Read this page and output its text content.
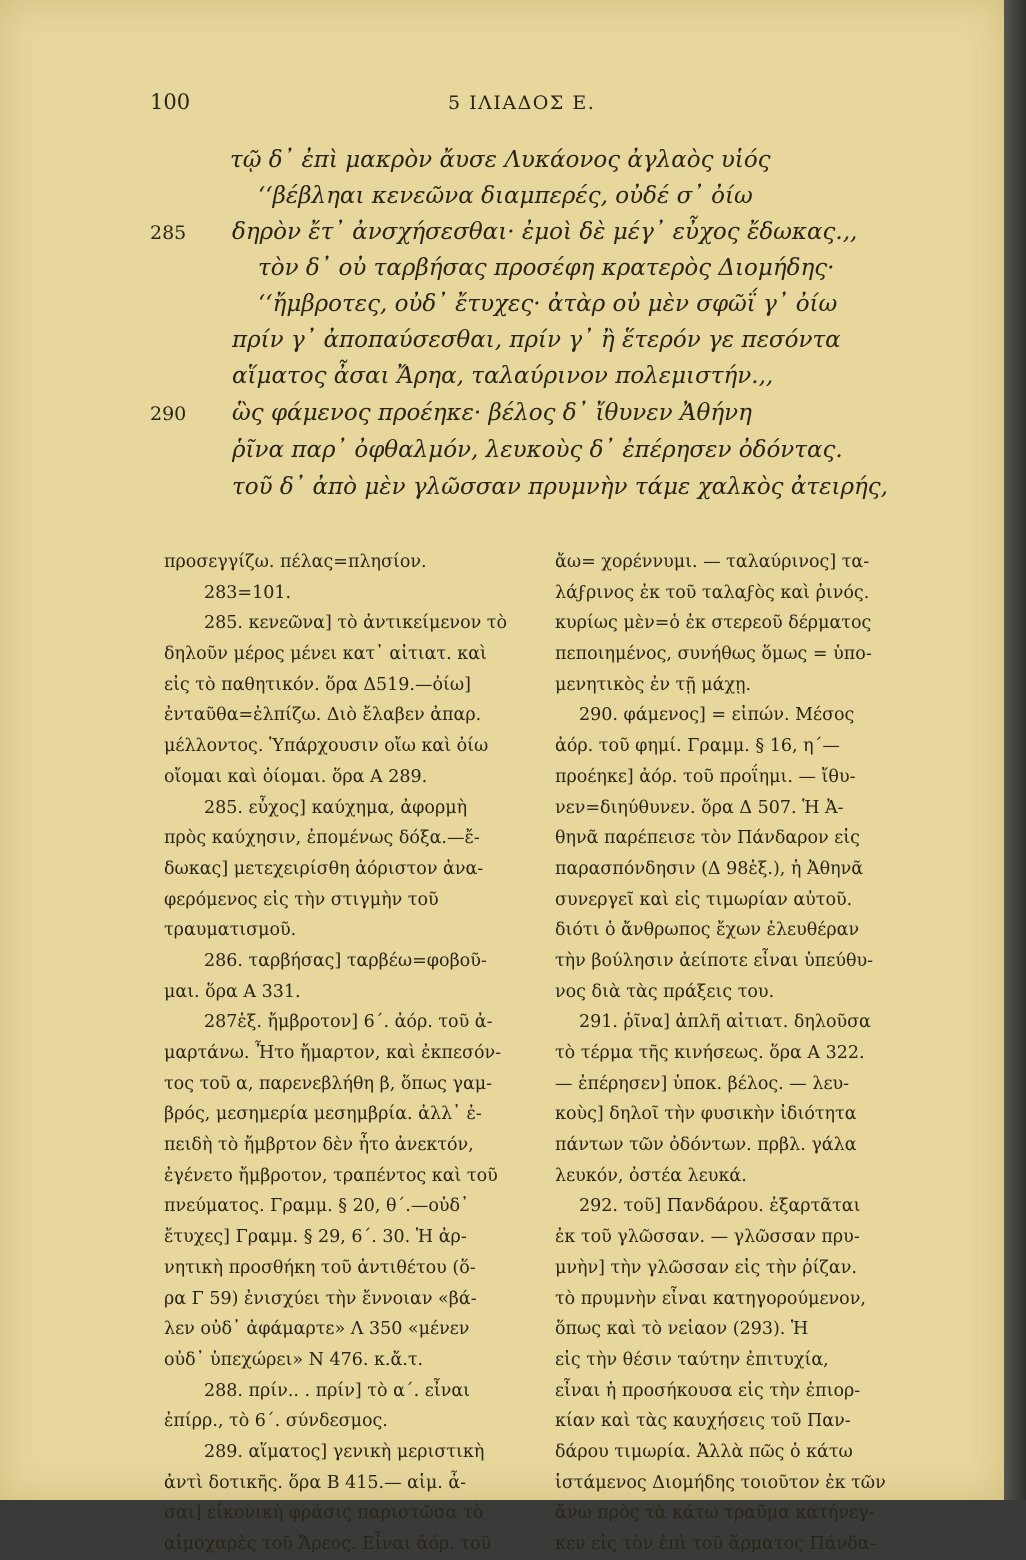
100	5 ΙΛΙΑΔΟΣ Ε.
τῷ δ᾽ ἐπὶ μακρὸν ἄυσε Λυκάονος ἀγλαὸς υἱός
‘‘βέβληαι κενεῶνα διαμπερές, οὐδέ σ᾽ ὀίω
285 δηρὸν ἔτ᾽ ἀνσχήσεσθαι· ἐμοὶ δὲ μέγ᾽ εὖχος ἔδωκας.,,
τὸν δ᾽ οὐ ταρβήσας προσέφη κρατερὸς Διομήδης·
‘‘ἤμβροτες, οὐδ᾽ ἔτυχες· ἀτὰρ οὐ μὲν σφῶΐ γ᾽ ὀίω
πρίν γ᾽ ἀποπαύσεσθαι, πρίν γ᾽ ἢ ἕτερόν γε πεσόντα
αἵματος ἆσαι Ἄρηα, ταλαύρινον πολεμιστήν.,,
290 ὣς φάμενος προέηκε· βέλος δ᾽ ἴθυνεν Ἀθήνη
ῥῖνα παρ᾽ ὀφθαλμόν, λευκοὺς δ᾽ ἐπέρησεν ὀδόντας.
τοῦ δ᾽ ἀπὸ μὲν γλῶσσαν πρυμνὴν τάμε χαλκὸς ἀτειρής,
προσεγγίζω. πέλας=πλησίον.
283=101.
285. κενεῶνα] τὸ ἀντικείμενον τὸ
δηλοῦν μέρος μένει κατ᾽ αἰτιατ. καὶ
εἰς τὸ παθητικόν. ὅρα Δ519.—ὀίω]
ἐνταῦθα=ἐλπίζω. Διὸ ἔλαβεν ἀπαρ.
μέλλοντος. Ὑπάρχουσιν οἴω καὶ ὀίω
οἴομαι καὶ ὀίομαι. ὅρα Α 289.
285. εὖχος] καύχημα, ἀφορμὴ
πρὸς καύχησιν, ἐπομένως δόξα.—ἔ-
δωκας] μετεχειρίσθη ἀόριστον ἀνα-
φερόμενος εἰς τὴν στιγμὴν τοῦ
τραυματισμοῦ.
286. ταρβήσας] ταρβέω=φοβοῦ-
μαι. ὅρα Α 331.
287ἑξ. ἤμβροτον] 6΄. ἀόρ. τοῦ ἀ-
μαρτάνω. Ἦτο ἤμαρτον, καὶ ἐκπεσόν-
τος τοῦ α, παρενεβλήθη β, ὅπως γαμ-
βρός, μεσημερία μεσημβρία. ἀλλ᾽ ἐ-
πειδὴ τὸ ἤμβρτον δὲν ἦτο ἀνεκτόν,
ἐγένετο ἤμβροτον, τραπέντος καὶ τοῦ
πνεύματος. Γραμμ. § 20, θ΄.—οὐδ᾽
ἔτυχες] Γραμμ. § 29, 6΄. 30. Ἡ ἀρ-
νητικὴ προσθήκη τοῦ ἀντιθέτου (ὅ-
ρα Γ 59) ἐνισχύει τὴν ἔννοιαν «βά-
λεν οὐδ᾽ ἀφάμαρτε» Λ 350 «μένεν
οὐδ᾽ ὑπεχώρει» Ν 476. κ.ἄ.τ.
288. πρίν.. . πρίν] τὸ α΄. εἶναι
ἐπίρρ., τὸ 6΄. σύνδεσμος.
289. αἵματος] γενικὴ μεριστικὴ
ἀντὶ δοτικῆς. ὅρα Β 415.— αἱμ. ἆ-
σαι] εἰκονικὴ φράσις παριστῶσα τὸ
αἱμοχαρὲς τοῦ Ἄρεος. Εἶναι ἀόρ. τοῦ
ἄω= χορέννυμι. — ταλαύρινος] τα-
λάϝρινος ἐκ τοῦ ταλαϝὸς καὶ ῥινός.
κυρίως μὲν=ὁ ἐκ στερεοῦ δέρματος
πεποιημένος, συνήθως ὅμως = ὑπο-
μενητικὸς ἐν τῇ μάχῃ.
290. φάμενος] = εἰπών. Μέσος
ἀόρ. τοῦ φημί. Γραμμ. § 16, η΄—
προέηκε] ἀόρ. τοῦ προΐημι. — ἴθυ-
νεν=διηύθυνεν. ὅρα Δ 507. Ἡ Ἀ-
θηνᾶ παρέπεισε τὸν Πάνδαρον εἰς
παρασπόνδησιν (Δ 98ἑξ.), ἡ Ἀθηνᾶ
συνεργεῖ καὶ εἰς τιμωρίαν αὐτοῦ.
διότι ὁ ἄνθρωπος ἔχων ἐλευθέραν
τὴν βούλησιν ἀείποτε εἶναι ὑπεύθυ-
νος διὰ τὰς πράξεις του.
291. ῥῖνα] ἁπλῆ αἰτιατ. δηλοῦσα
τὸ τέρμα τῆς κινήσεως. ὅρα Α 322.
— ἐπέρησεν] ὑποκ. βέλος. — λευ-
κοὺς] δηλοῖ τὴν φυσικὴν ἰδιότητα
πάντων τῶν ὀδόντων. πρβλ. γάλα
λευκόν, ὀστέα λευκά.
292. τοῦ] Πανδάρου. ἐξαρτᾶται
ἐκ τοῦ γλῶσσαν. — γλῶσσαν πρυ-
μνὴν] τὴν γλῶσσαν εἰς τὴν ῥίζαν.
τὸ πρυμνὴν εἶναι κατηγορούμενον,
ὅπως καὶ τὸ νεἰαον (293). Ἡ
εἰς τὴν θέσιν ταύτην ἐπιτυχία,
εἶναι ἡ προσήκουσα εἰς τὴν ἐπιορ-
κίαν καὶ τὰς καυχήσεις τοῦ Παν-
δάρου τιμωρία. Ἀλλὰ πῶς ὁ κάτω
ἱστάμενος Διομήδης τοιοῦτον ἐκ τῶν
ἄνω πρὸς τὰ κάτω τραῦμα κατήνεγ-
κεν εἰς τὸν ἐπὶ τοῦ ἅρματος Πάνδα-
